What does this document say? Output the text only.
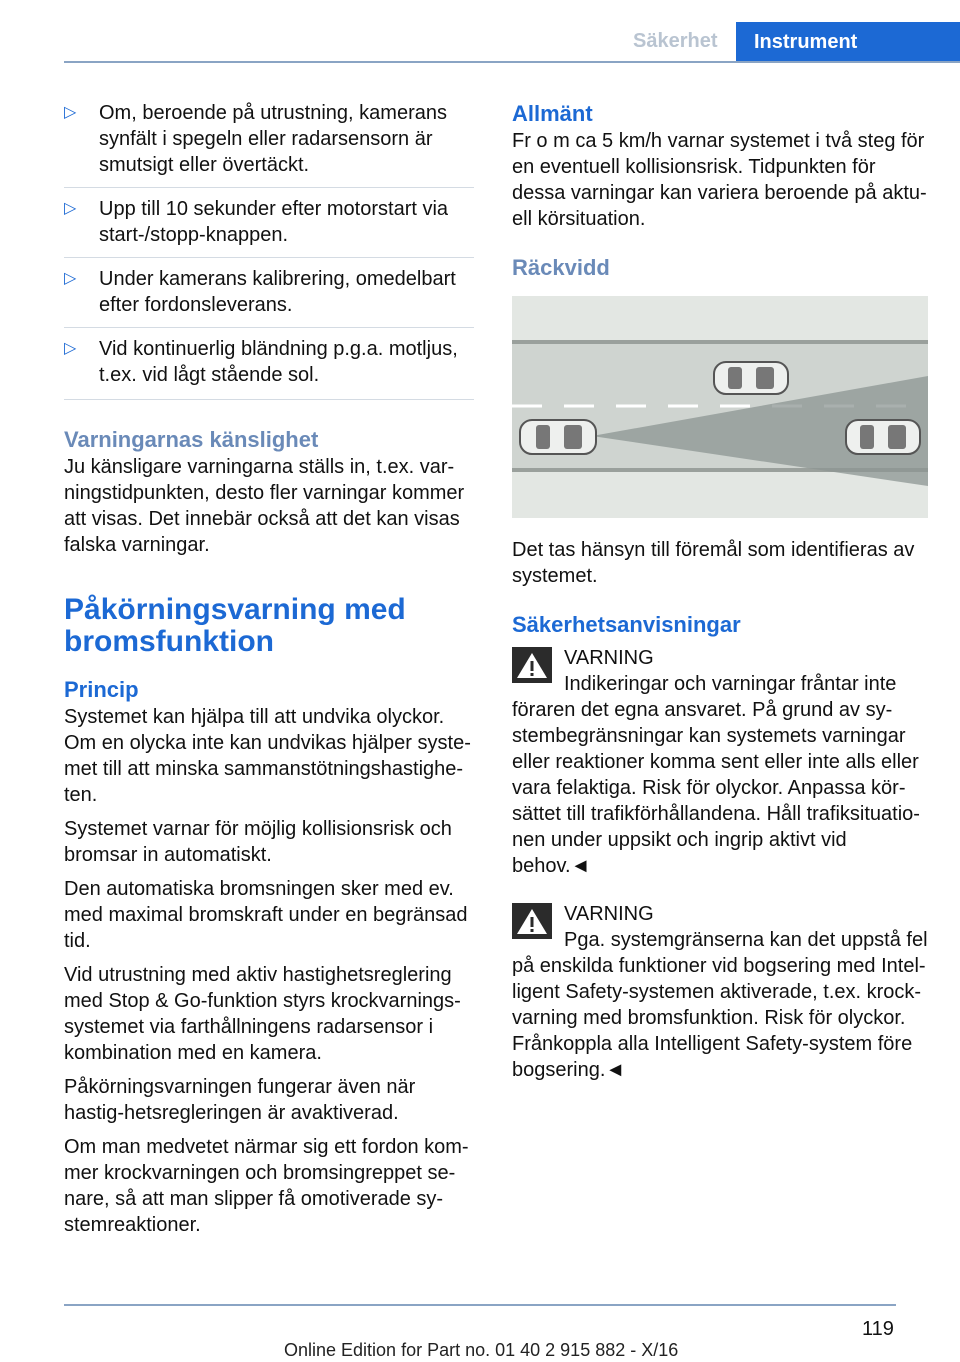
Säkerhet	Instrument
▷ Om, beroende på utrustning, kamerans synfält i spegeln eller radarsensorn är smutsigt eller övertäckt.
▷ Upp till 10 sekunder efter motorstart via start-/stopp-knappen.
▷ Under kamerans kalibrering, omedelbart efter fordonsleverans.
▷ Vid kontinuerlig bländning p.g.a. motljus, t.ex. vid lågt stående sol.
Varningarnas känslighet

Ju känsligare varningarna ställs in, t.ex. var-ningstidpunkten, desto fler varningar kommer att visas. Det innebär också att det kan visas falska varningar.

Påkörningsvarning med bromsfunktion
Princip

Systemet kan hjälpa till att undvika olyckor. Om en olycka inte kan undvikas hjälper syste-met till att minska sammanstötningshastighe-ten.

Systemet varnar för möjlig kollisionsrisk och bromsar in automatiskt.

Den automatiska bromsningen sker med ev. med maximal bromskraft under en begränsad tid.

Vid utrustning med aktiv hastighetsreglering med Stop & Go-funktion styrs krockvarnings-systemet via farthållningens radarsensor i kombination med en kamera.

Påkörningsvarningen fungerar även när hastig-hetsregleringen är avaktiverad.

Om man medvetet närmar sig ett fordon kom-mer krockvarningen och bromsingreppet se-nare, så att man slipper få omotiverade sy-stemreaktioner.

Allmänt

Fr o m ca 5 km/h varnar systemet i två steg för en eventuell kollisionsrisk. Tidpunkten för dessa varningar kan variera beroende på aktu-ell körsituation.

Räckvidd

Det tas hänsyn till föremål som identifieras av systemet.

Säkerhetsanvisningar
VARNING
Indikeringar och varningar fråntar inte

föraren det egna ansvaret. På grund av sy-stembegränsningar kan systemets varningar eller reaktioner komma sent eller inte alls eller vara felaktiga. Risk för olyckor. Anpassa kör-sättet till trafikförhållandena. Håll trafiksituatio-nen under uppsikt och ingrip aktivt vid behov.◄

VARNING
Pga. systemgränserna kan det uppstå fel

på enskilda funktioner vid bogsering med Intel-ligent Safety-systemen aktiverade, t.ex. krock-varning med bromsfunktion. Risk för olyckor. Frånkoppla alla Intelligent Safety-system före bogsering.◄

119
Online Edition for Part no. 01 40 2 915 882 - X/16
